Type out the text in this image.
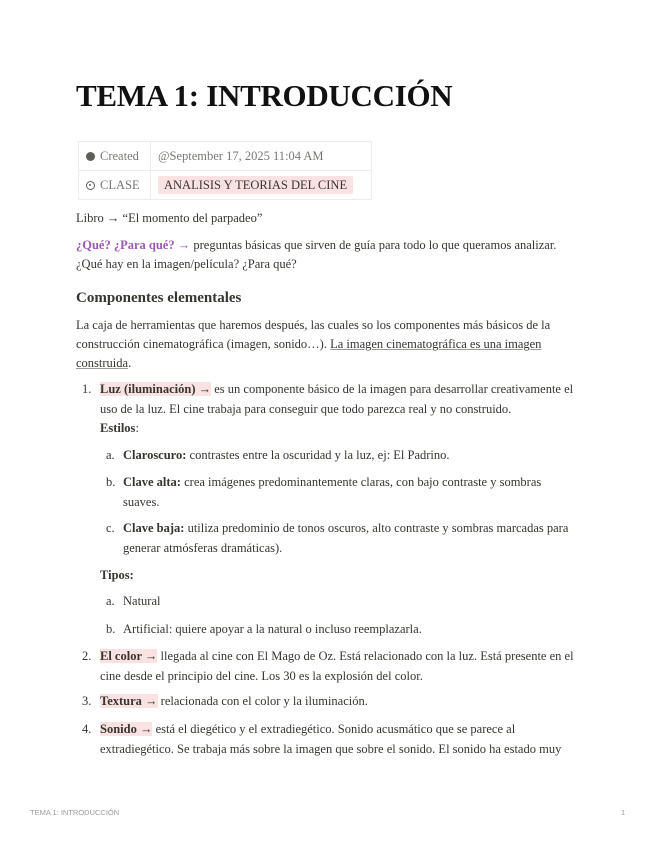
TEMA 1: INTRODUCCIÓN
Created	@September 17, 2025 11:04 AM
CLASE	ANALISIS Y TEORIAS DEL CINE
Libro → “El momento del parpadeo”
¿Qué? ¿Para qué? → preguntas básicas que sirven de guía para todo lo que queramos analizar. ¿Qué hay en la imagen/película? ¿Para qué?
Componentes elementales
La caja de herramientas que haremos después, las cuales so los componentes más básicos de la construcción cinematográfica (imagen, sonido…). La imagen cinematográfica es una imagen construida.
1. Luz (iluminación) → es un componente básico de la imagen para desarrollar creativamente el uso de la luz. El cine trabaja para conseguir que todo parezca real y no construido.
Estilos:
a. Claroscuro: contrastes entre la oscuridad y la luz, ej: El Padrino.
b. Clave alta: crea imágenes predominantemente claras, con bajo contraste y sombras suaves.
c. Clave baja: utiliza predominio de tonos oscuros, alto contraste y sombras marcadas para generar atmósferas dramáticas).
Tipos:
a. Natural
b. Artificial: quiere apoyar a la natural o incluso reemplazarla.
2. El color → llegada al cine con El Mago de Oz. Está relacionado con la luz. Está presente en el cine desde el principio del cine. Los 30 es la explosión del color.
3. Textura → relacionada con el color y la iluminación.
4. Sonido → está el diegético y el extradiegético. Sonido acusmático que se parece al extradiegético. Se trabaja más sobre la imagen que sobre el sonido. El sonido ha estado muy
TEMA 1: INTRODUCCIÓN	1
